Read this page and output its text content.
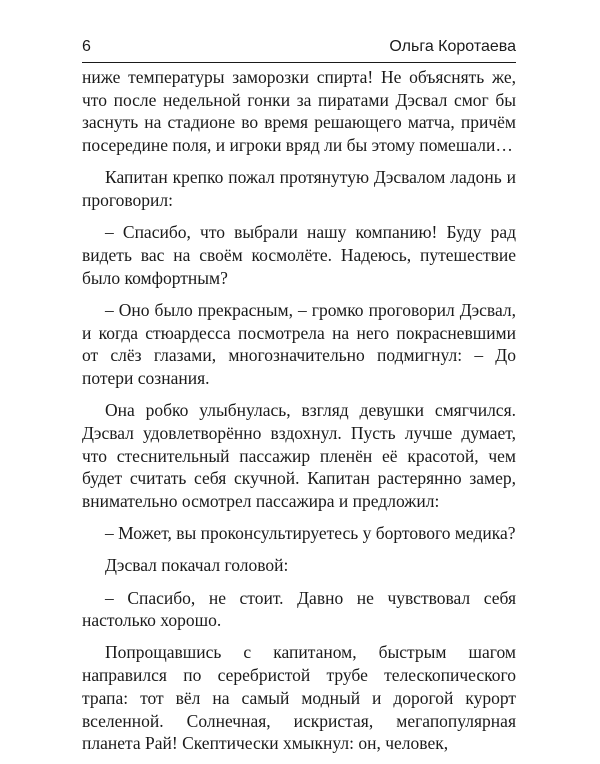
6	Ольга Коротаева

ниже температуры заморозки спирта! Не объяснять же, что после недельной гонки за пиратами Дэсвал смог бы заснуть на стадионе во время решающего матча, причём посередине поля, и игроки вряд ли бы этому помешали…

Капитан крепко пожал протянутую Дэсвалом ладонь и проговорил:

– Спасибо, что выбрали нашу компанию! Буду рад видеть вас на своём космолёте. Надеюсь, путешествие было комфортным?

– Оно было прекрасным, – громко проговорил Дэсвал, и когда стюардесса посмотрела на него покрасневшими от слёз глазами, многозначительно подмигнул: – До потери сознания.

Она робко улыбнулась, взгляд девушки смягчился. Дэсвал удовлетворённо вздохнул. Пусть лучше думает, что стеснительный пассажир пленён её красотой, чем будет считать себя скучной. Капитан растерянно замер, внимательно осмотрел пассажира и предложил:

– Может, вы проконсультируетесь у бортового медика?

Дэсвал покачал головой:

– Спасибо, не стоит. Давно не чувствовал себя настолько хорошо.

Попрощавшись с капитаном, быстрым шагом направился по серебристой трубе телескопического трапа: тот вёл на самый модный и дорогой курорт вселенной. Солнечная, искристая, мегапопулярная планета Рай! Скептически хмыкнул: он, человек,
